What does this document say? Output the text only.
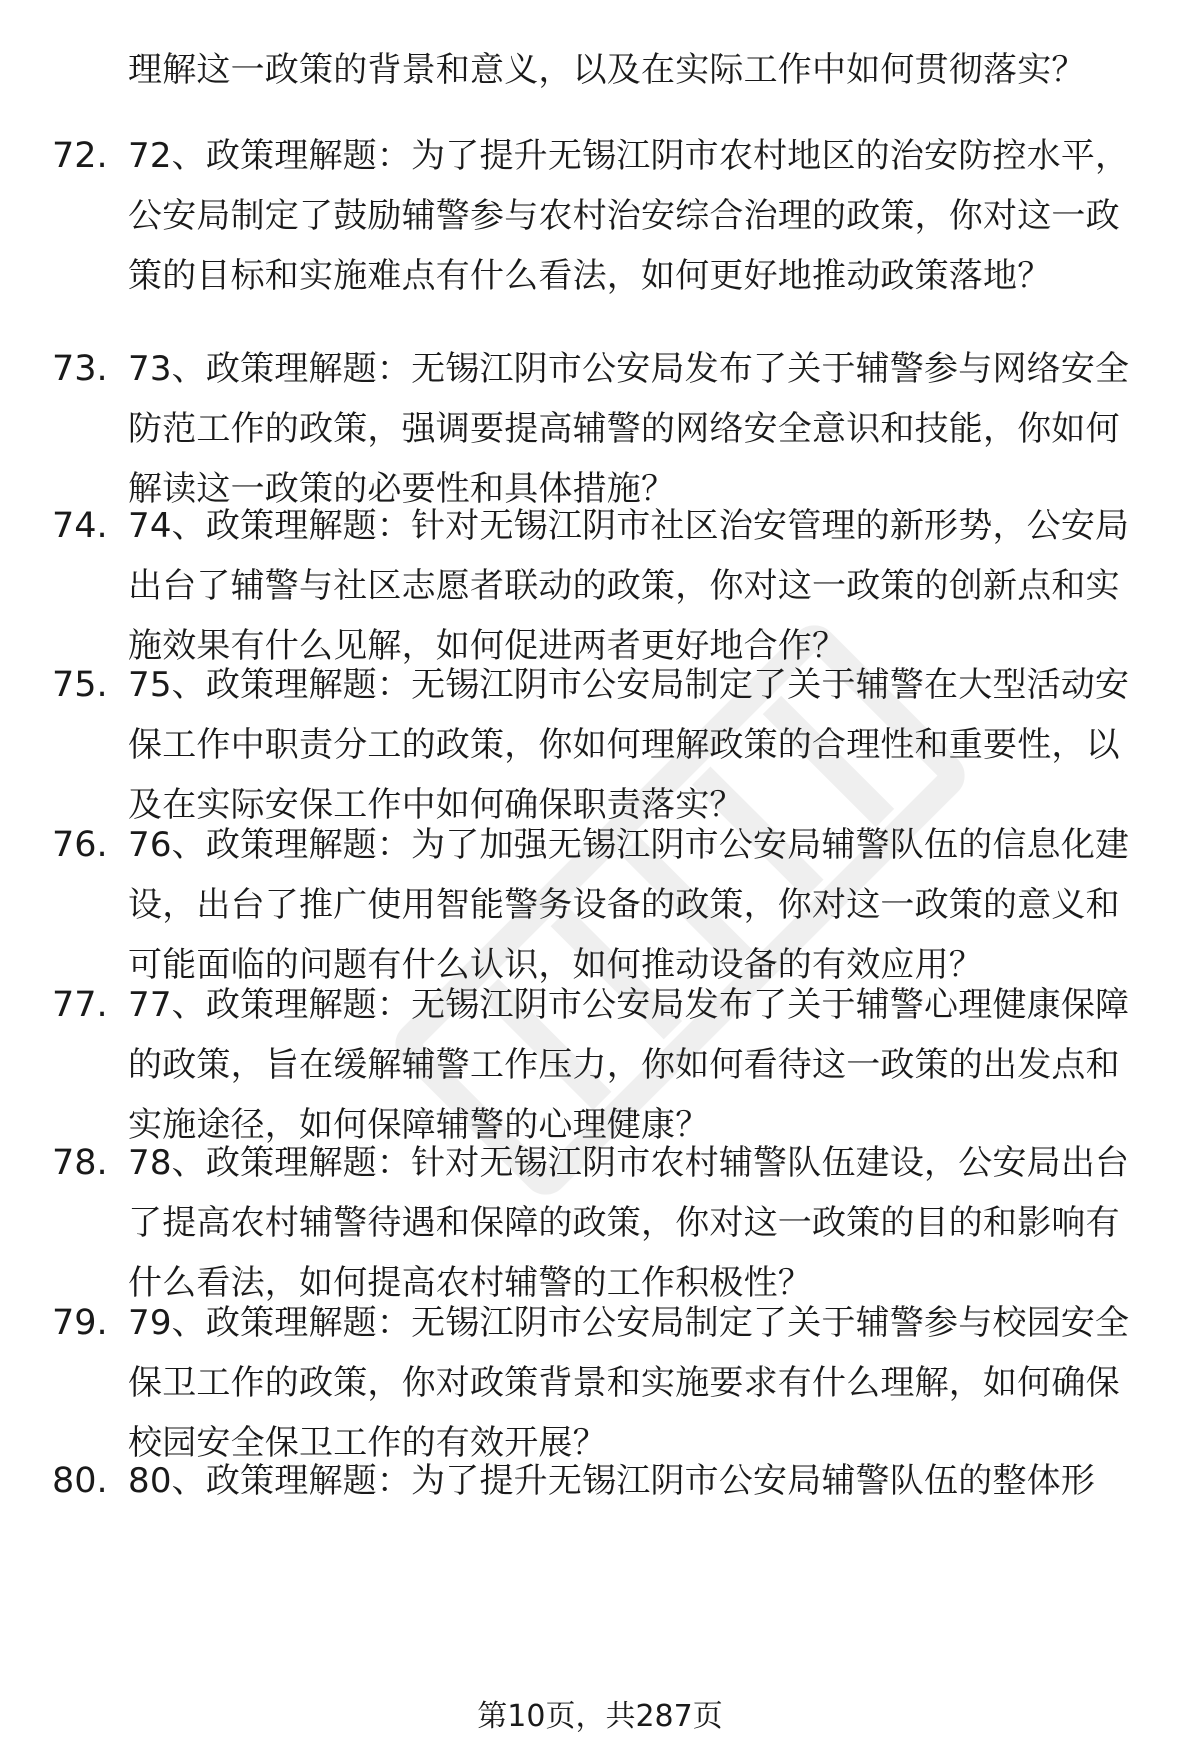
理解这一政策的背景和意义，以及在实际工作中如何贯彻落实？
72. 72、政策理解题：为了提升无锡江阴市农村地区的治安防控水平，公安局制定了鼓励辅警参与农村治安综合治理的政策，你对这一政策的目标和实施难点有什么看法，如何更好地推动政策落地？
73. 73、政策理解题：无锡江阴市公安局发布了关于辅警参与网络安全防范工作的政策，强调要提高辅警的网络安全意识和技能，你如何解读这一政策的必要性和具体措施？
74. 74、政策理解题：针对无锡江阴市社区治安管理的新形势，公安局出台了辅警与社区志愿者联动的政策，你对这一政策的创新点和实施效果有什么见解，如何促进两者更好地合作？
75. 75、政策理解题：无锡江阴市公安局制定了关于辅警在大型活动安保工作中职责分工的政策，你如何理解政策的合理性和重要性，以及在实际安保工作中如何确保职责落实？
76. 76、政策理解题：为了加强无锡江阴市公安局辅警队伍的信息化建设，出台了推广使用智能警务设备的政策，你对这一政策的意义和可能面临的问题有什么认识，如何推动设备的有效应用？
77. 77、政策理解题：无锡江阴市公安局发布了关于辅警心理健康保障的政策，旨在缓解辅警工作压力，你如何看待这一政策的出发点和实施途径，如何保障辅警的心理健康？
78. 78、政策理解题：针对无锡江阴市农村辅警队伍建设，公安局出台了提高农村辅警待遇和保障的政策，你对这一政策的目的和影响有什么看法，如何提高农村辅警的工作积极性？
79. 79、政策理解题：无锡江阴市公安局制定了关于辅警参与校园安全保卫工作的政策，你对政策背景和实施要求有什么理解，如何确保校园安全保卫工作的有效开展？
80. 80、政策理解题：为了提升无锡江阴市公安局辅警队伍的整体形
第10页，共287页
